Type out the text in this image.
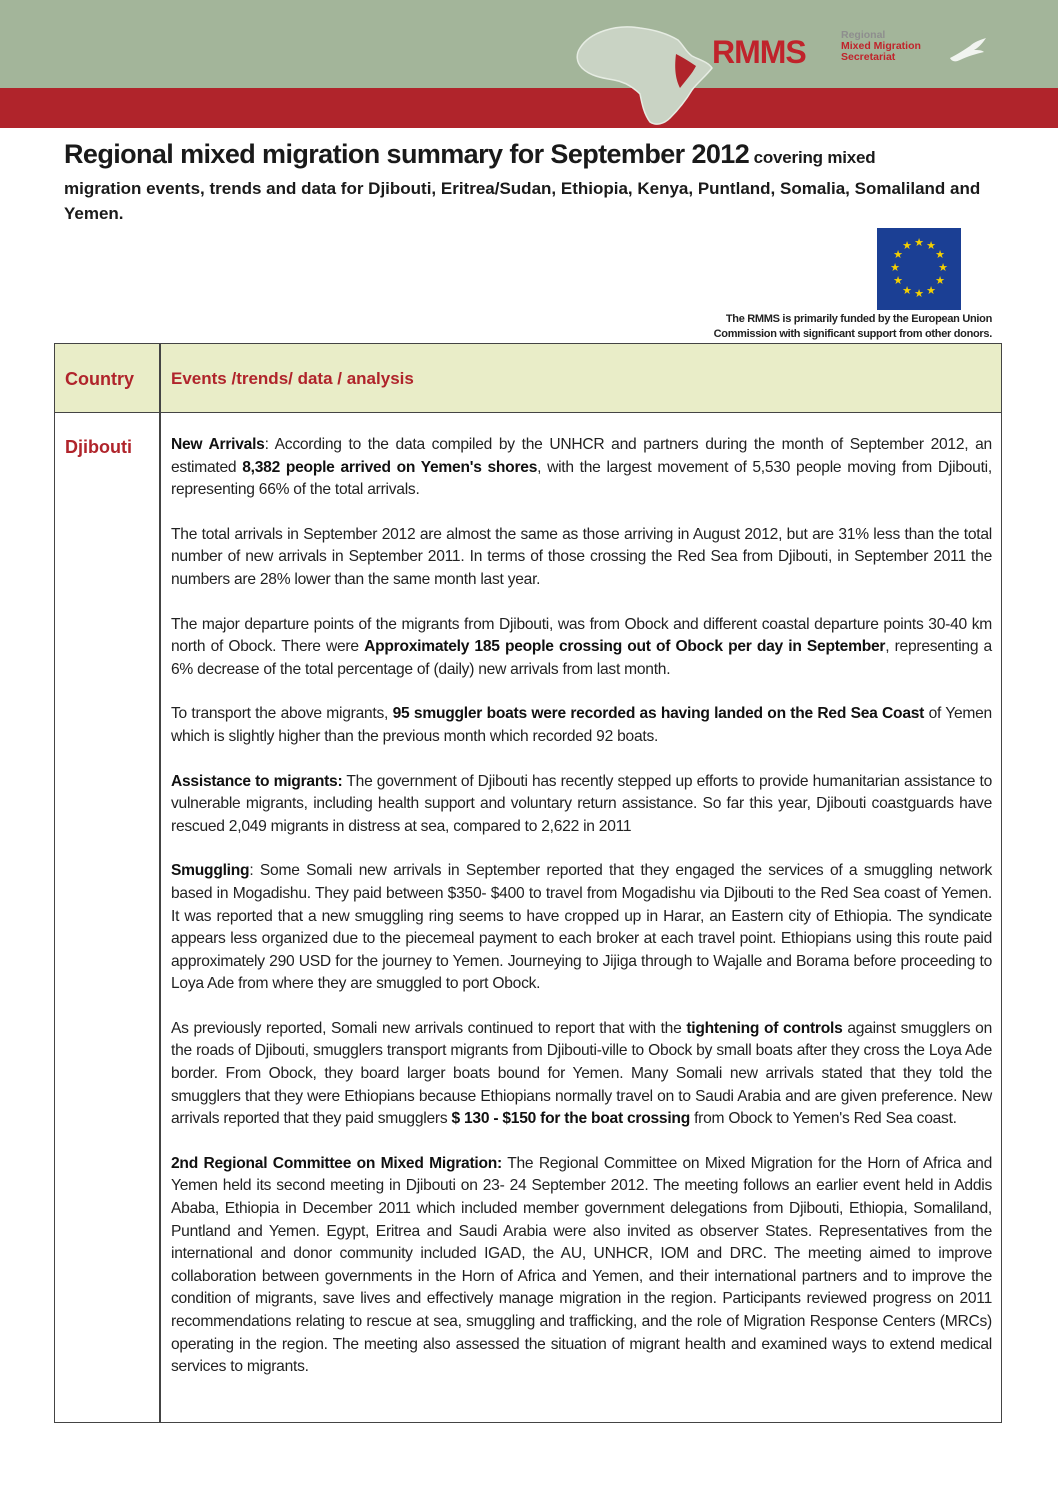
RMMS	Regional
Mixed Migration
Secretariat
Regional mixed migration summary for September 2012 covering mixed
migration events, trends and data for Djibouti, Eritrea/Sudan, Ethiopia, Kenya, Puntland, Somalia, Somaliland and Yemen.
★ ★
★
★
★
★
★
★
★
★
★
★
The RMMS is primarily funded by the European Union
Commission with significant support from other donors.
Country Events /trends/ data / analysis
Djibouti	New Arrivals: According to the data compiled by the UNHCR and partners during the month of September 2012, an estimated 8,382 people arrived on Yemen's shores, with the largest movement of 5,530 people moving from Djibouti, representing 66% of the total arrivals.

The total arrivals in September 2012 are almost the same as those arriving in August 2012, but are 31% less than the total number of new arrivals in September 2011. In terms of those crossing the Red Sea from Djibouti, in September 2011 the numbers are 28% lower than the same month last year.

The major departure points of the migrants from Djibouti, was from Obock and different coastal departure points 30-40 km north of Obock. There were Approximately 185 people crossing out of Obock per day in September, representing a 6% decrease of the total percentage of (daily) new arrivals from last month.

To transport the above migrants, 95 smuggler boats were recorded as having landed on the Red Sea Coast of Yemen which is slightly higher than the previous month which recorded 92 boats.

Assistance to migrants: The government of Djibouti has recently stepped up efforts to provide humanitarian assistance to vulnerable migrants, including health support and voluntary return assistance. So far this year, Djibouti coastguards have rescued 2,049 migrants in distress at sea, compared to 2,622 in 2011

Smuggling: Some Somali new arrivals in September reported that they engaged the services of a smuggling network based in Mogadishu. They paid between $350- $400 to travel from Mogadishu via Djibouti to the Red Sea coast of Yemen. It was reported that a new smuggling ring seems to have cropped up in Harar, an Eastern city of Ethiopia. The syndicate appears less organized due to the piecemeal payment to each broker at each travel point. Ethiopians using this route paid approximately 290 USD for the journey to Yemen. Journeying to Jijiga through to Wajalle and Borama before proceeding to Loya Ade from where they are smuggled to port Obock.

As previously reported, Somali new arrivals continued to report that with the tightening of controls against smugglers on the roads of Djibouti, smugglers transport migrants from Djibouti-ville to Obock by small boats after they cross the Loya Ade border. From Obock, they board larger boats bound for Yemen. Many Somali new arrivals stated that they told the smugglers that they were Ethiopians because Ethiopians normally travel on to Saudi Arabia and are given preference. New arrivals reported that they paid smugglers $ 130 - $150 for the boat crossing from Obock to Yemen's Red Sea coast.

2nd Regional Committee on Mixed Migration: The Regional Committee on Mixed Migration for the Horn of Africa and Yemen held its second meeting in Djibouti on 23- 24 September 2012. The meeting follows an earlier event held in Addis Ababa, Ethiopia in December 2011 which included member government delegations from Djibouti, Ethiopia, Somaliland, Puntland and Yemen. Egypt, Eritrea and Saudi Arabia were also invited as observer States. Representatives from the international and donor community included IGAD, the AU, UNHCR, IOM and DRC. The meeting aimed to improve collaboration between governments in the Horn of Africa and Yemen, and their international partners and to improve the condition of migrants, save lives and effectively manage migration in the region. Participants reviewed progress on 2011 recommendations relating to rescue at sea, smuggling and trafficking, and the role of Migration Response Centers (MRCs) operating in the region. The meeting also assessed the situation of migrant health and examined ways to extend medical services to migrants.
